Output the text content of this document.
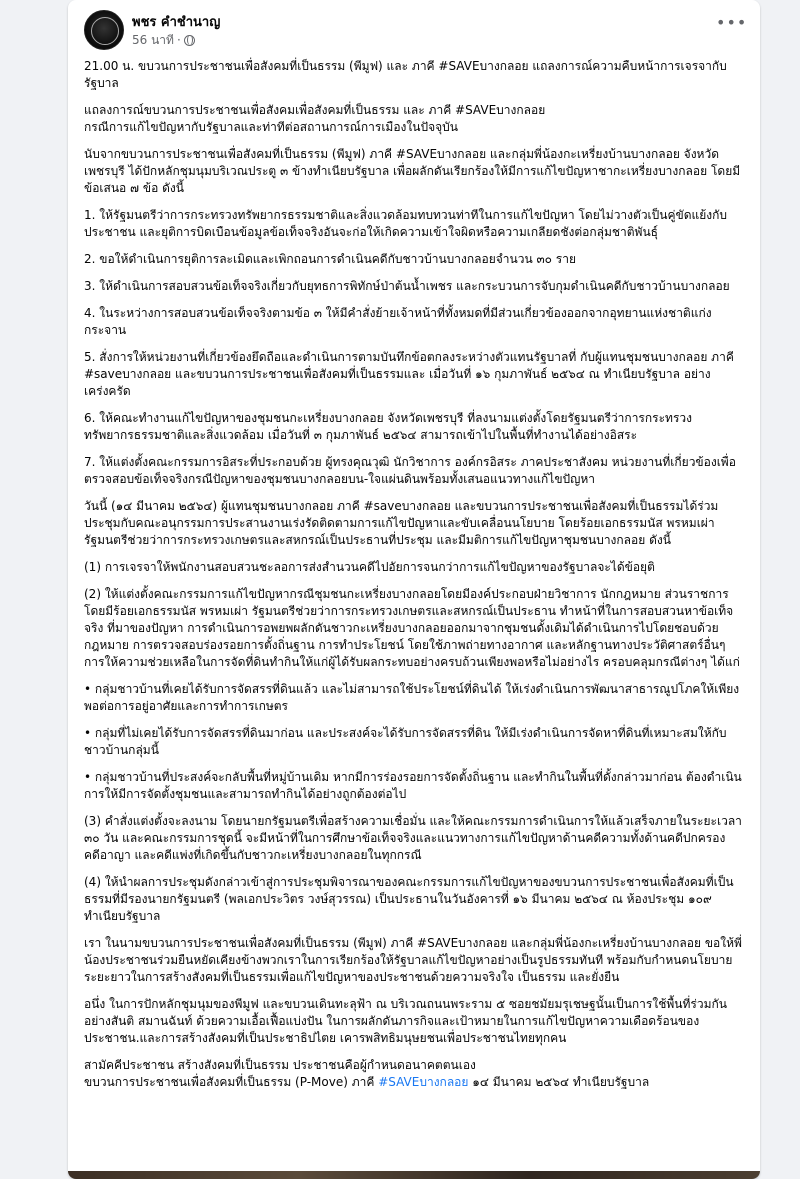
พชร คำชำนาญ
56 นาที ·
•••

21.00 น. ขบวนการประชาชนเพื่อสังคมที่เป็นธรรม (พีมูฟ) และ ภาคี #SAVEบางกลอย แถลงการณ์ความคืบหน้าการเจรจากับรัฐบาล

แถลงการณ์ขบวนการประชาชนเพื่อสังคมเพื่อสังคมที่เป็นธรรม และ ภาคี #SAVEบางกลอย
กรณีการแก้ไขปัญหากับรัฐบาลและท่าทีต่อสถานการณ์การเมืองในปัจจุบัน

นับจากขบวนการประชาชนเพื่อสังคมที่เป็นธรรม (พีมูฟ) ภาคี #SAVEบางกลอย และกลุ่มพี่น้องกะเหรี่ยงบ้านบางกลอย จังหวัดเพชรบุรี ได้ปักหลักชุมนุมบริเวณประตู ๓ ข้างทำเนียบรัฐบาล เพื่อผลักดันเรียกร้องให้มีการแก้ไขปัญหาชากะเหรี่ยงบางกลอย โดยมีข้อเสนอ ๗ ข้อ ดังนี้

1. ให้รัฐมนตรีว่าการกระทรวงทรัพยากรธรรมชาติและสิ่งแวดล้อมทบทวนท่าทีในการแก้ไขปัญหา โดยไม่วางตัวเป็นคู่ขัดแย้งกับประชาชน และยุติการบิดเบือนข้อมูลข้อเท็จจริงอันจะก่อให้เกิดความเข้าใจผิดหรือความเกลียดชังต่อกลุ่มชาติพันธุ์

2. ขอให้ดำเนินการยุติการละเมิดและเพิกถอนการดำเนินคดีกับชาวบ้านบางกลอยจำนวน ๓๐ ราย

3. ให้ดำเนินการสอบสวนข้อเท็จจริงเกี่ยวกับยุทธการพิทักษ์ป่าต้นน้ำเพชร และกระบวนการจับกุมดำเนินคดีกับชาวบ้านบางกลอย

4. ในระหว่างการสอบสวนข้อเท็จจริงตามข้อ ๓ ให้มีคำสั่งย้ายเจ้าหน้าที่ทั้งหมดที่มีส่วนเกี่ยวข้องออกจากอุทยานแห่งชาติแก่งกระจาน

5. สั่งการให้หน่วยงานที่เกี่ยวข้องยึดถือและดำเนินการตามบันทึกข้อตกลงระหว่างตัวแทนรัฐบาลที่ กับผู้แทนชุมชนบางกลอย ภาคี #saveบางกลอย และขบวนการประชาชนเพื่อสังคมที่เป็นธรรมและ เมื่อวันที่ ๑๖ กุมภาพันธ์ ๒๕๖๔ ณ ทำเนียบรัฐบาล อย่างเคร่งครัด

6. ให้คณะทำงานแก้ไขปัญหาของชุมชนกะเหรี่ยงบางกลอย จังหวัดเพชรบุรี ที่ลงนามแต่งตั้งโดยรัฐมนตรีว่าการกระทรวงทรัพยากรธรรมชาติและสิ่งแวดล้อม เมื่อวันที่ ๓ กุมภาพันธ์ ๒๕๖๔ สามารถเข้าไปในพื้นที่ทำงานได้อย่างอิสระ

7. ให้แต่งตั้งคณะกรรมการอิสระที่ประกอบด้วย ผู้ทรงคุณวุฒิ นักวิชาการ องค์กรอิสระ ภาคประชาสังคม หน่วยงานที่เกี่ยวข้องเพื่อตรวจสอบข้อเท็จจริงกรณีปัญหาของชุมชนบางกลอยบน-ใจแผ่นดินพร้อมทั้งเสนอแนวทางแก้ไขปัญหา

วันนี้ (๑๔ มีนาคม ๒๕๖๔) ผู้แทนชุมชนบางกลอย ภาคี #saveบางกลอย และขบวนการประชาชนเพื่อสังคมที่เป็นธรรมได้ร่วมประชุมกับคณะอนุกรรมการประสานงานเร่งรัดติดตามการแก้ไขปัญหาและขับเคลื่อนนโยบาย โดยร้อยเอกธรรมนัส พรหมเผ่า รัฐมนตรีช่วยว่าการกระทรวงเกษตรและสหกรณ์เป็นประธานที่ประชุม และมีมติการแก้ไขปัญหาชุมชนบางกลอย ดังนี้

(1) การเจรจาให้พนักงานสอบสวนชะลอการส่งสำนวนคดีไปอัยการจนกว่าการแก้ไขปัญหาของรัฐบาลจะได้ข้อยุติ

(2) ให้แต่งตั้งคณะกรรมการแก้ไขปัญหากรณีชุมชนกะเหรี่ยงบางกลอยโดยมีองค์ประกอบฝ่ายวิชาการ นักกฎหมาย ส่วนราชการ โดยมีร้อยเอกธรรมนัส พรหมเผ่า รัฐมนตรีช่วยว่าการกระทรวงเกษตรและสหกรณ์เป็นประธาน ทำหน้าที่ในการสอบสวนหาข้อเท็จจริง ที่มาของปัญหา การดำเนินการอพยพผลักดันชาวกะเหรี่ยงบางกลอยออกมาจากชุมชนดั้งเดิมได้ดำเนินการไปโดยชอบด้วยกฎหมาย การตรวจสอบร่องรอยการตั้งถิ่นฐาน การทำประโยชน์ โดยใช้ภาพถ่ายทางอากาศ และหลักฐานทางประวัติศาสตร์อื่นๆ การให้ความช่วยเหลือในการจัดที่ดินทำกินให้แก่ผู้ได้รับผลกระทบอย่างครบถ้วนเพียงพอหรือไม่อย่างไร ครอบคลุมกรณีต่างๆ ได้แก่

• กลุ่มชาวบ้านที่เคยได้รับการจัดสรรที่ดินแล้ว และไม่สามารถใช้ประโยชน์ที่ดินได้ ให้เร่งดำเนินการพัฒนาสาธารณูปโภคให้เพียงพอต่อการอยู่อาศัยและการทำการเกษตร

• กลุ่มที่ไม่เคยได้รับการจัดสรรที่ดินมาก่อน และประสงค์จะได้รับการจัดสรรที่ดิน ให้มีเร่งดำเนินการจัดหาที่ดินที่เหมาะสมให้กับชาวบ้านกลุ่มนี้

• กลุ่มชาวบ้านที่ประสงค์จะกลับพื้นที่หมู่บ้านเดิม หากมีการร่องรอยการจัดตั้งถิ่นฐาน และทำกินในพื้นที่ดั้งกล่าวมาก่อน ต้องดำเนินการให้มีการจัดตั้งชุมชนและสามารถทำกินได้อย่างถูกต้องต่อไป

(3) คำสั่งแต่งตั้งจะลงนาม โดยนายกรัฐมนตรีเพื่อสร้างความเชื่อมั่น และให้คณะกรรมการดำเนินการให้แล้วเสร็จภายในระยะเวลา ๓๐ วัน และคณะกรรมการชุดนี้ จะมีหน้าที่ในการศึกษาข้อเท็จจริงและแนวทางการแก้ไขปัญหาด้านคดีความทั้งด้านคดีปกครอง คดีอาญา และคดีแพ่งที่เกิดขึ้นกับชาวกะเหรี่ยงบางกลอยในทุกกรณี

(4) ให้นำผลการประชุมดังกล่าวเข้าสู่การประชุมพิจารณาของคณะกรรมการแก้ไขปัญหาของขบวนการประชาชนเพื่อสังคมที่เป็นธรรมที่มีรองนายกรัฐมนตรี (พลเอกประวิตร วงษ์สุวรรณ) เป็นประธานในวันอังคารที่ ๑๖ มีนาคม ๒๕๖๔ ณ ห้องประชุม ๑๐๙ ทำเนียบรัฐบาล

เรา ในนามขบวนการประชาชนเพื่อสังคมที่เป็นธรรม (พีมูฟ) ภาคี #SAVEบางกลอย และกลุ่มพี่น้องกะเหรี่ยงบ้านบางกลอย ขอให้พี่น้องประชาชนร่วมยืนหยัดเคียงข้างพวกเราในการเรียกร้องให้รัฐบาลแก้ไขปัญหาอย่างเป็นรูปธรรมทันที พร้อมกับกำหนดนโยบายระยะยาวในการสร้างสังคมที่เป็นธรรมเพื่อแก้ไขปัญหาของประชาชนด้วยความจริงใจ เป็นธรรม และยั่งยืน

อนึ่ง ในการปักหลักชุมนุมของพีมูฟ และขบวนเดินทะลุฟ้า ณ บริเวณถนนพระราม ๕ ซอยชมัยมรุเชษฐนั้นเป็นการใช้พื้นที่ร่วมกันอย่างสันติ สมานฉันท์ ด้วยความเอื้อเฟื้อแบ่งปัน ในการผลักดันภารกิจและเป้าหมายในการแก้ไขปัญหาความเดือดร้อนของประชาชน.และการสร้างสังคมที่เป็นประชาธิปไตย เคารพสิทธิมนุษยชนเพื่อประชาชนไทยทุกคน

สามัคคีประชาชน สร้างสังคมที่เป็นธรรม ประชาชนคือผู้กำหนดอนาคตตนเอง
ขบวนการประชาชนเพื่อสังคมที่เป็นธรรม (P-Move) ภาคี #SAVEบางกลอย ๑๔ มีนาคม ๒๕๖๔ ทำเนียบรัฐบาล
